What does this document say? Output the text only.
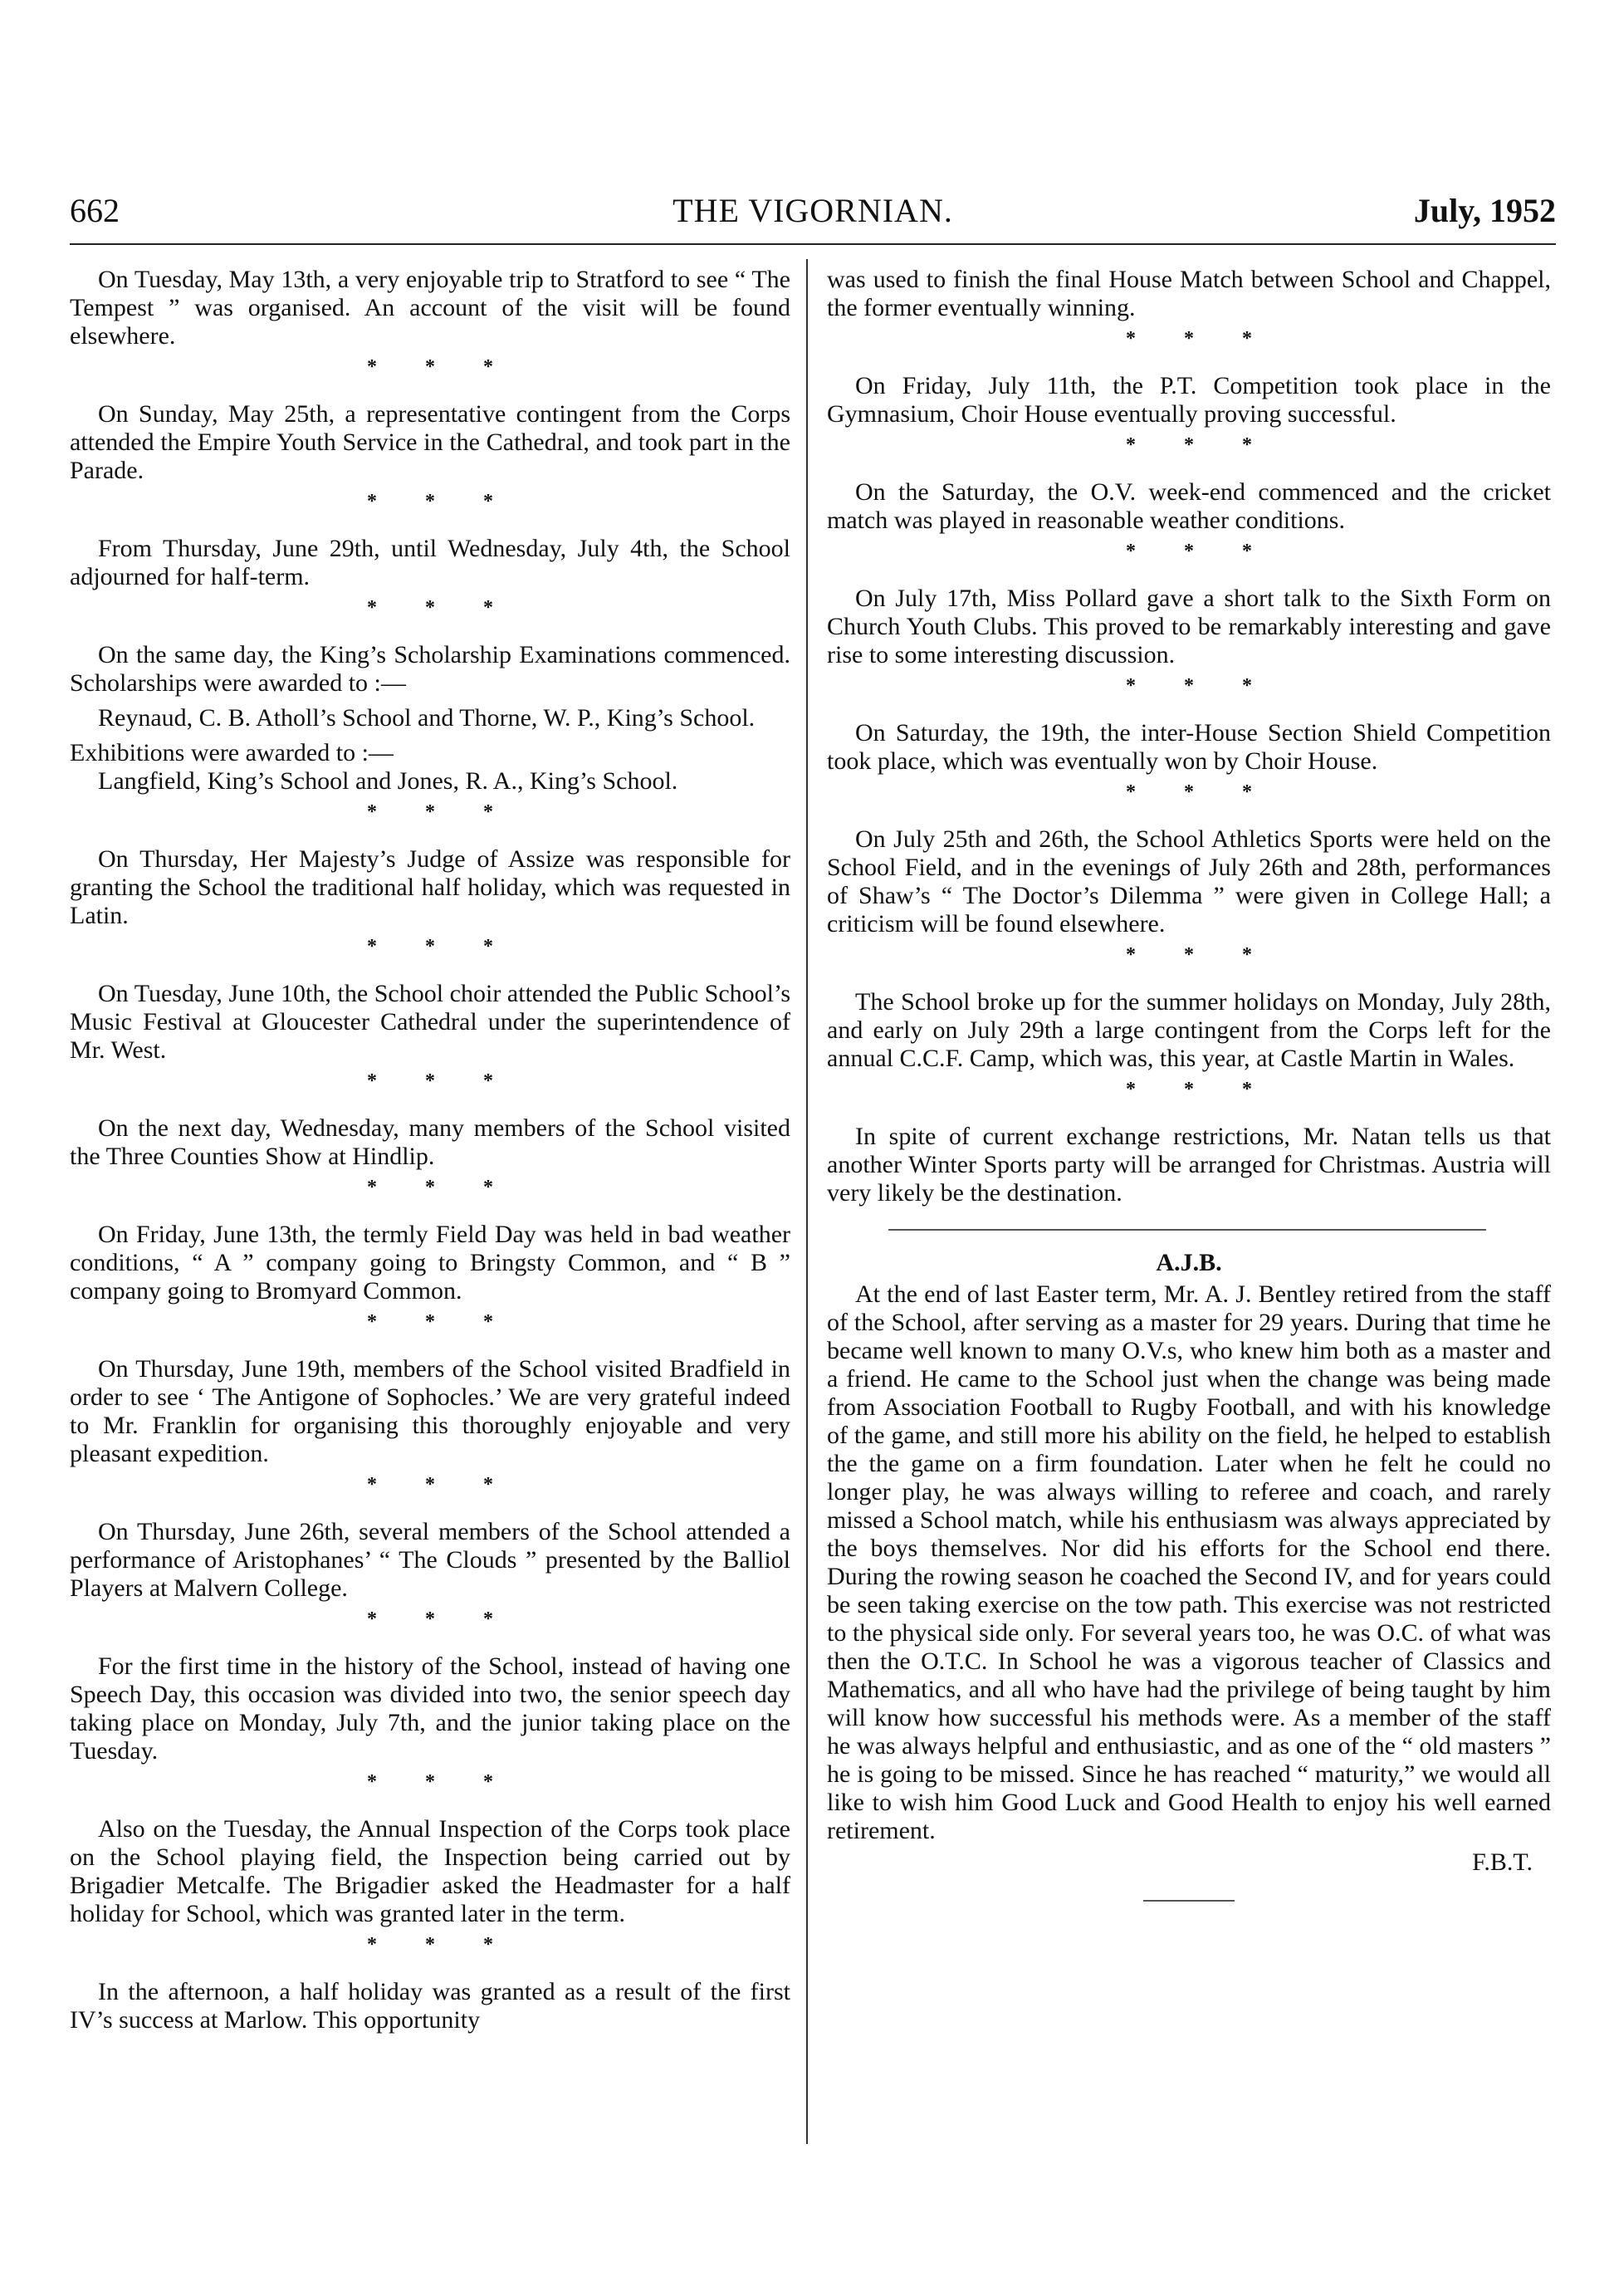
662	THE VIGORNIAN.	July, 1952

On Tuesday, May 13th, a very enjoyable trip to Stratford to see “ The Tempest ” was organised. An account of the visit will be found elsewhere.

* * *

On Sunday, May 25th, a representative contingent from the Corps attended the Empire Youth Service in the Cathedral, and took part in the Parade.

* * *

From Thursday, June 29th, until Wednesday, July 4th, the School adjourned for half-term.

* * *

On the same day, the King’s Scholarship Examinations commenced. Scholarships were awarded to :—

Reynaud, C. B. Atholl’s School and Thorne, W. P., King’s School.

Exhibitions were awarded to :—

Langfield, King’s School and Jones, R. A., King’s School.

* * *

On Thursday, Her Majesty’s Judge of Assize was responsible for granting the School the traditional half holiday, which was requested in Latin.

* * *

On Tuesday, June 10th, the School choir attended the Public School’s Music Festival at Gloucester Cathedral under the superintendence of Mr. West.

* * *

On the next day, Wednesday, many members of the School visited the Three Counties Show at Hindlip.

* * *

On Friday, June 13th, the termly Field Day was held in bad weather conditions, “ A ” company going to Bringsty Common, and “ B ” company going to Bromyard Common.

* * *

On Thursday, June 19th, members of the School visited Bradfield in order to see ‘ The Antigone of Sophocles.’ We are very grateful indeed to Mr. Franklin for organising this thoroughly enjoyable and very pleasant expedition.

* * *

On Thursday, June 26th, several members of the School attended a performance of Aristophanes’ “ The Clouds ” presented by the Balliol Players at Malvern College.

* * *

For the first time in the history of the School, instead of having one Speech Day, this occasion was divided into two, the senior speech day taking place on Monday, July 7th, and the junior taking place on the Tuesday.

* * *

Also on the Tuesday, the Annual Inspection of the Corps took place on the School playing field, the Inspection being carried out by Brigadier Metcalfe. The Brigadier asked the Headmaster for a half holiday for School, which was granted later in the term.

* * *

In the afternoon, a half holiday was granted as a result of the first IV’s success at Marlow. This opportunity

was used to finish the final House Match between School and Chappel, the former eventually winning.

* * *

On Friday, July 11th, the P.T. Competition took place in the Gymnasium, Choir House eventually proving successful.

* * *

On the Saturday, the O.V. week-end commenced and the cricket match was played in reasonable weather conditions.

* * *

On July 17th, Miss Pollard gave a short talk to the Sixth Form on Church Youth Clubs. This proved to be remarkably interesting and gave rise to some interesting discussion.

* * *

On Saturday, the 19th, the inter-House Section Shield Competition took place, which was eventually won by Choir House.

* * *

On July 25th and 26th, the School Athletics Sports were held on the School Field, and in the evenings of July 26th and 28th, performances of Shaw’s “ The Doctor’s Dilemma ” were given in College Hall; a criticism will be found elsewhere.

* * *

The School broke up for the summer holidays on Monday, July 28th, and early on July 29th a large contingent from the Corps left for the annual C.C.F. Camp, which was, this year, at Castle Martin in Wales.

* * *

In spite of current exchange restrictions, Mr. Natan tells us that another Winter Sports party will be arranged for Christmas. Austria will very likely be the destination.

A.J.B.

At the end of last Easter term, Mr. A. J. Bentley retired from the staff of the School, after serving as a master for 29 years. During that time he became well known to many O.V.s, who knew him both as a master and a friend. He came to the School just when the change was being made from Association Football to Rugby Football, and with his knowledge of the game, and still more his ability on the field, he helped to establish the the game on a firm foundation. Later when he felt he could no longer play, he was always willing to referee and coach, and rarely missed a School match, while his enthusiasm was always appreciated by the boys themselves. Nor did his efforts for the School end there. During the rowing season he coached the Second IV, and for years could be seen taking exercise on the tow path. This exercise was not restricted to the physical side only. For several years too, he was O.C. of what was then the O.T.C. In School he was a vigorous teacher of Classics and Mathematics, and all who have had the privilege of being taught by him will know how successful his methods were. As a member of the staff he was always helpful and enthusiastic, and as one of the “ old masters ” he is going to be missed. Since he has reached “ maturity,” we would all like to wish him Good Luck and Good Health to enjoy his well earned retirement.

F.B.T.
